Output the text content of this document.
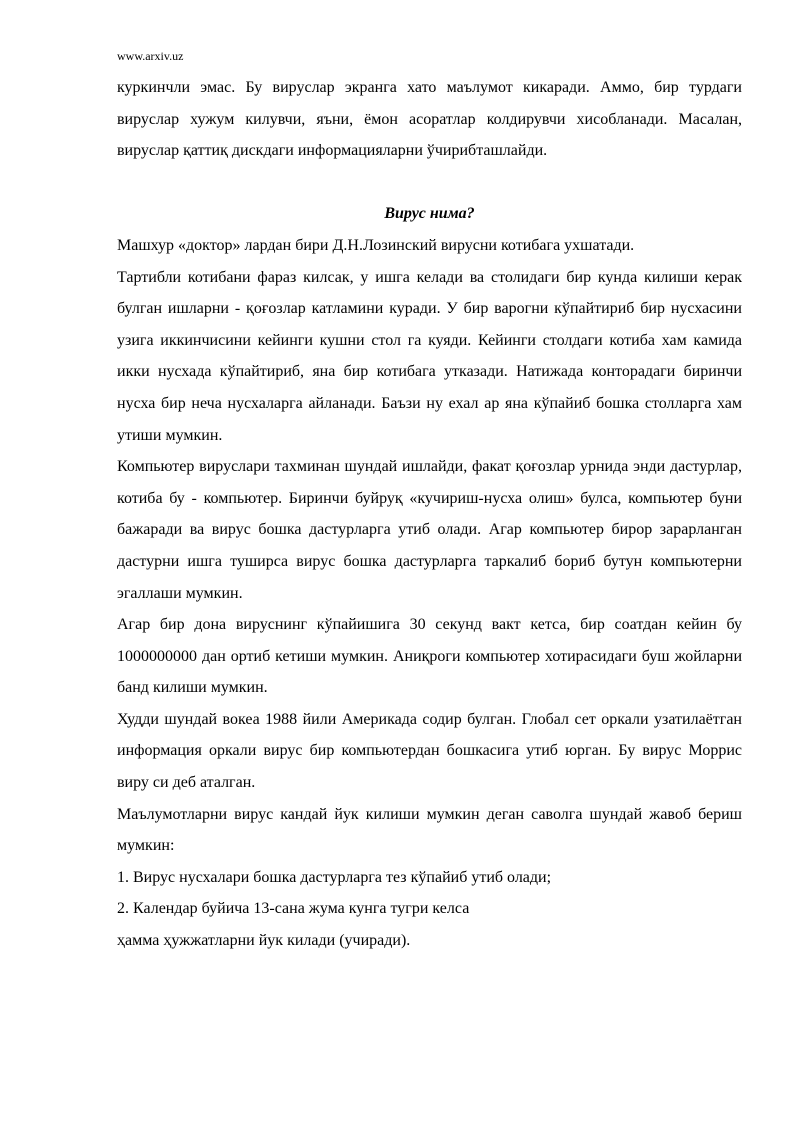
www.arxiv.uz

куркинчли эмас. Бу вируслар экранга хато маълумот кикаради. Аммо, бир турдаги вируслар хужум килувчи, яъни, ёмон асоратлар колдирувчи хисобланади. Масалан, вируслар қаттиқ дискдаги информацияларни ўчирибташлайди.

Вирус нима?

Машхур «доктор» лардан бири Д.Н.Лозинский вирусни котибага ухшатади.

Тартибли котибани фараз килсак, у ишга келади ва столидаги бир кунда килиши керак булган ишларни - қоғозлар катламини куради. У бир варогни кўпайтириб бир нусхасини узига иккинчисини кейинги кушни стол га куяди. Кейинги столдаги котиба хам камида икки нусхада кўпайтириб, яна бир котибага утказади. Натижада конторадаги биринчи нусха бир неча нусхаларга айланади. Баъзи ну ехал ар яна кўпайиб бошка столларга хам утиши мумкин.

Компьютер вируслари тахминан шундай ишлайди, факат қоғозлар урнида энди дастурлар, котиба бу - компьютер. Биринчи буйруқ «кучириш-нусха олиш» булса, компьютер буни бажаради ва вирус бошка дастурларга утиб олади. Агар компьютер бирор зарарланган дастурни ишга туширса вирус бошка дастурларга таркалиб бориб бутун компьютерни эгаллаши мумкин.

Агар бир дона вируснинг кўпайишига 30 секунд вакт кетса, бир соатдан кейин бу 1000000000 дан ортиб кетиши мумкин. Аниқроги компьютер хотирасидаги буш жойларни банд килиши мумкин.

Худди шундай вокеа 1988 йили Америкада содир булган. Глобал сет оркали узатилаётган информация оркали вирус бир компьютердан бошкасига утиб юрган. Бу вирус Моррис виру си деб аталган.

Маълумотларни вирус кандай йук килиши мумкин деган саволга шундай жавоб бериш мумкин:

1. Вирус нусхалари бошка дастурларга тез кўпайиб утиб олади;

2. Календар буйича 13-сана жума кунга тугри келса

ҳамма ҳужжатларни йук килади (учиради).
